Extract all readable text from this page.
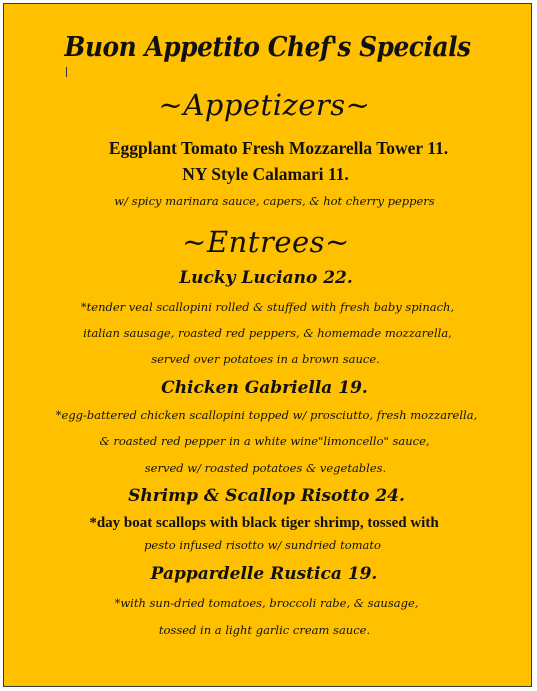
Buon Appetito Chef's Specials
~Appetizers~
Eggplant Tomato Fresh Mozzarella Tower 11.
NY Style Calamari 11.
w/ spicy marinara sauce, capers, & hot cherry peppers
~Entrees~
Lucky Luciano 22.
*tender veal scallopini rolled & stuffed with fresh baby spinach,
italian sausage, roasted red peppers, & homemade mozzarella,
served over potatoes in a brown sauce.
Chicken Gabriella 19.
*egg-battered chicken scallopini topped w/ prosciutto, fresh mozzarella,
& roasted red pepper in a white wine"limoncello" sauce,
served w/ roasted potatoes & vegetables.
Shrimp & Scallop Risotto 24.
*day boat scallops with black tiger shrimp, tossed with
pesto infused risotto w/ sundried tomato
Pappardelle Rustica 19.
*with sun-dried tomatoes, broccoli rabe, & sausage,
tossed in a light garlic cream sauce.
